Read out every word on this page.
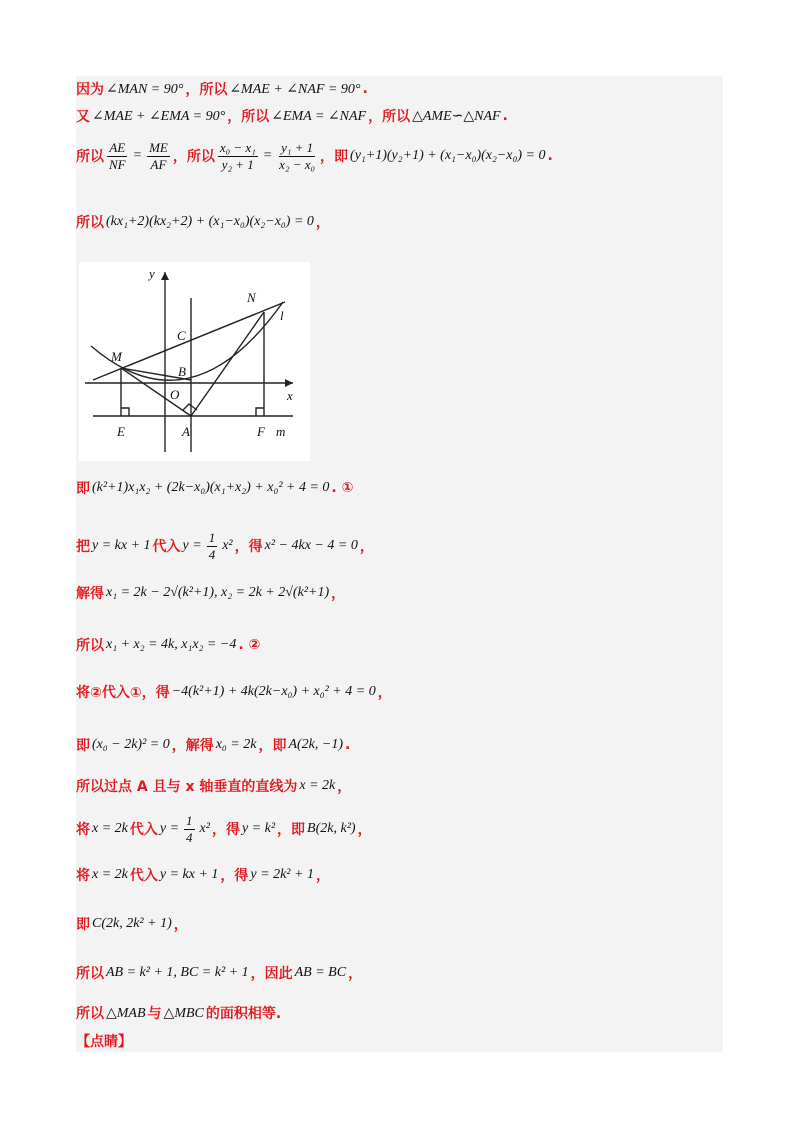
因为 ∠MAN = 90° ，所以 ∠MAE + ∠NAF = 90° .
又 ∠MAE + ∠EMA = 90° ，所以 ∠EMA = ∠NAF ，所以 △AME∽△NAF .
所以 $\frac{AE}{NF} = \frac{ME}{AF}$ ，所以 $\frac{\text{x₀ − x₁}}{\text{y₂ + 1}} = \frac{\text{y₁ + 1}}{\text{x₂ − x₀}}$ ，即 (y₁+1)(y₂+1) + (x₁−x₀)(x₂−x₀) = 0 .
所以 (kx₁+2)(kx₂+2) + (x₁−x₀)(x₂−x₀) = 0 ，
y
x
N
l
C
M
B
O
E	A	F m
即 (k²+1)x₁x₂ + (2k−x₀)(x₁+x₂) + x₀² + 4 = 0 . ①
把 y = kx + 1 代入 $y = \frac{1}{4} x^2$ ，得 x² − 4kx − 4 = 0 ，
解得 x₁ = 2k − 2√(k²+1), x₂ = 2k + 2√(k²+1) ，
所以 x₁ + x₂ = 4k, x₁x₂ = −4 . ②
将②代入①，得 −4(k²+1) + 4k(2k−x₀) + x₀² + 4 = 0 ，
即 (x₀ − 2k)² = 0 ，解得 x₀ = 2k ，即 A(2k, −1) .
所以过点 A 且与 x 轴垂直的直线为 x = 2k ，
将 x = 2k 代入 $y = \frac{1}{4} x^2$ ，得 y = k² ，即 B(2k, k²) ，
将 x = 2k 代入 y = kx + 1 ，得 y = 2k² + 1 ，
即 C(2k, 2k² + 1) ，
所以 AB = k² + 1, BC = k² + 1 ，因此 AB = BC ，
所以 △MAB 与 △MBC 的面积相等.
【点睛】
